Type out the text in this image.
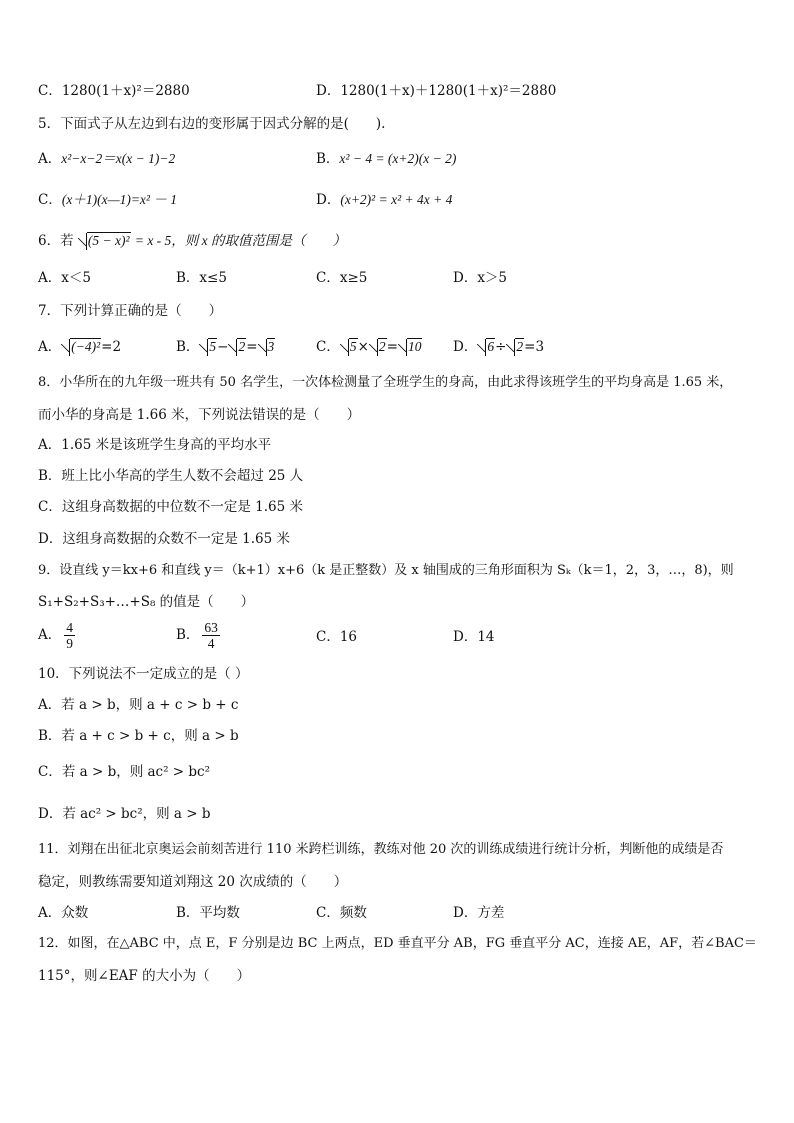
C．1280(1＋x)²＝2880	D．1280(1＋x)＋1280(1＋x)²＝2880
5．下面式子从左边到右边的变形属于因式分解的是(　　).
A．x²−x−2＝x(x − 1)−2	B．x² − 4 = (x+2)(x − 2)
C．(x＋1)(x—1)=x² － 1	D．(x+2)² = x² + 4x + 4
6．若 (5 − x)² = x - 5，则 x 的取值范围是（　　）
A．x＜5	B．x≤5	C．x≥5	D．x＞5
7．下列计算正确的是（　　）
A． (−4)²=2	B． 5− 2= 3	C． 5× 2= 10 D． 6÷ 2=3
8．小华所在的九年级一班共有 50 名学生，一次体检测量了全班学生的身高，由此求得该班学生的平均身高是 1.65 米，
而小华的身高是 1.66 米，下列说法错误的是（　　）
A．1.65 米是该班学生身高的平均水平
B．班上比小华高的学生人数不会超过 25 人
C．这组身高数据的中位数不一定是 1.65 米
D．这组身高数据的众数不一定是 1.65 米
9．设直线 y＝kx+6 和直线 y＝（k+1）x+6（k 是正整数）及 x 轴围成的三角形面积为 Sₖ（k＝1，2，3，…，8)，则
S₁+S₂+S₃+…+S₈ 的值是（　　）
A． $\frac{4}{9}$	B． $\frac{63}{4}$	C．16	D．14
10．下列说法不一定成立的是（ ）
A．若 a > b，则 a + c > b + c
B．若 a + c > b + c，则 a > b
C．若 a > b，则 ac² > bc²
D．若 ac² > bc²，则 a > b
11．刘翔在出征北京奥运会前刻苦进行 110 米跨栏训练，教练对他 20 次的训练成绩进行统计分析，判断他的成绩是否
稳定，则教练需要知道刘翔这 20 次成绩的（　　）
A．众数	B．平均数	C．频数	D．方差
12．如图，在△ABC 中，点 E，F 分别是边 BC 上两点，ED 垂直平分 AB，FG 垂直平分 AC，连接 AE，AF，若∠BAC＝
115°，则∠EAF 的大小为（　　）
